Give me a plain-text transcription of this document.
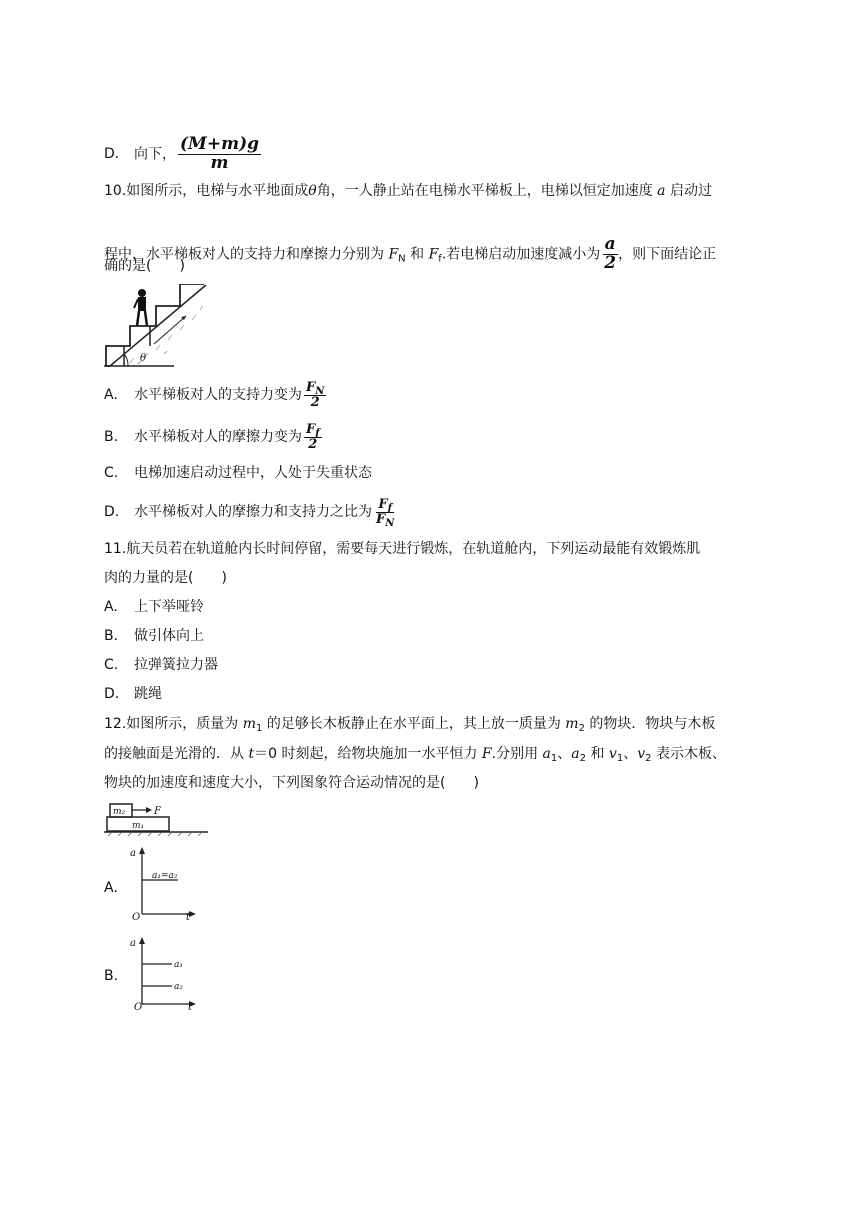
D. 向下， $\frac{(M+m)g}{m}$
10.如图所示，电梯与水平地面成θ角，一人静止站在电梯水平梯板上，电梯以恒定加速度 a 启动过
程中，水平梯板对人的支持力和摩擦力分别为 $F_N$ 和 $F_f$.若电梯启动加速度减小为 $\frac{a}{2}$ ，则下面结论正
确的是(　　)
θ
A. 水平梯板对人的支持力变为 $\frac{F_N}{2}$
B. 水平梯板对人的摩擦力变为 $\frac{F_f}{2}$
C. 电梯加速启动过程中，人处于失重状态
D. 水平梯板对人的摩擦力和支持力之比为 $\frac{F_f}{F_N}$
11.航天员若在轨道舱内长时间停留，需要每天进行锻炼，在轨道舱内，下列运动最能有效锻炼肌
肉的力量的是(　　)
A. 上下举哑铃
B. 做引体向上
C. 拉弹簧拉力器
D. 跳绳
12.如图所示，质量为 $m_1$ 的足够长木板静止在水平面上，其上放一质量为 $m_2$ 的物块．物块与木板
的接触面是光滑的．从 t＝0 时刻起，给物块施加一水平恒力 F.分别用 $a_1$、$a_2$ 和 $v_1$、$v_2$ 表示木板、
物块的加速度和速度大小，下列图象符合运动情况的是(　　)
m₂	F
m₁
A.
a
t
O
a₁=a₂
B.
a
t
O
a₁
a₂
